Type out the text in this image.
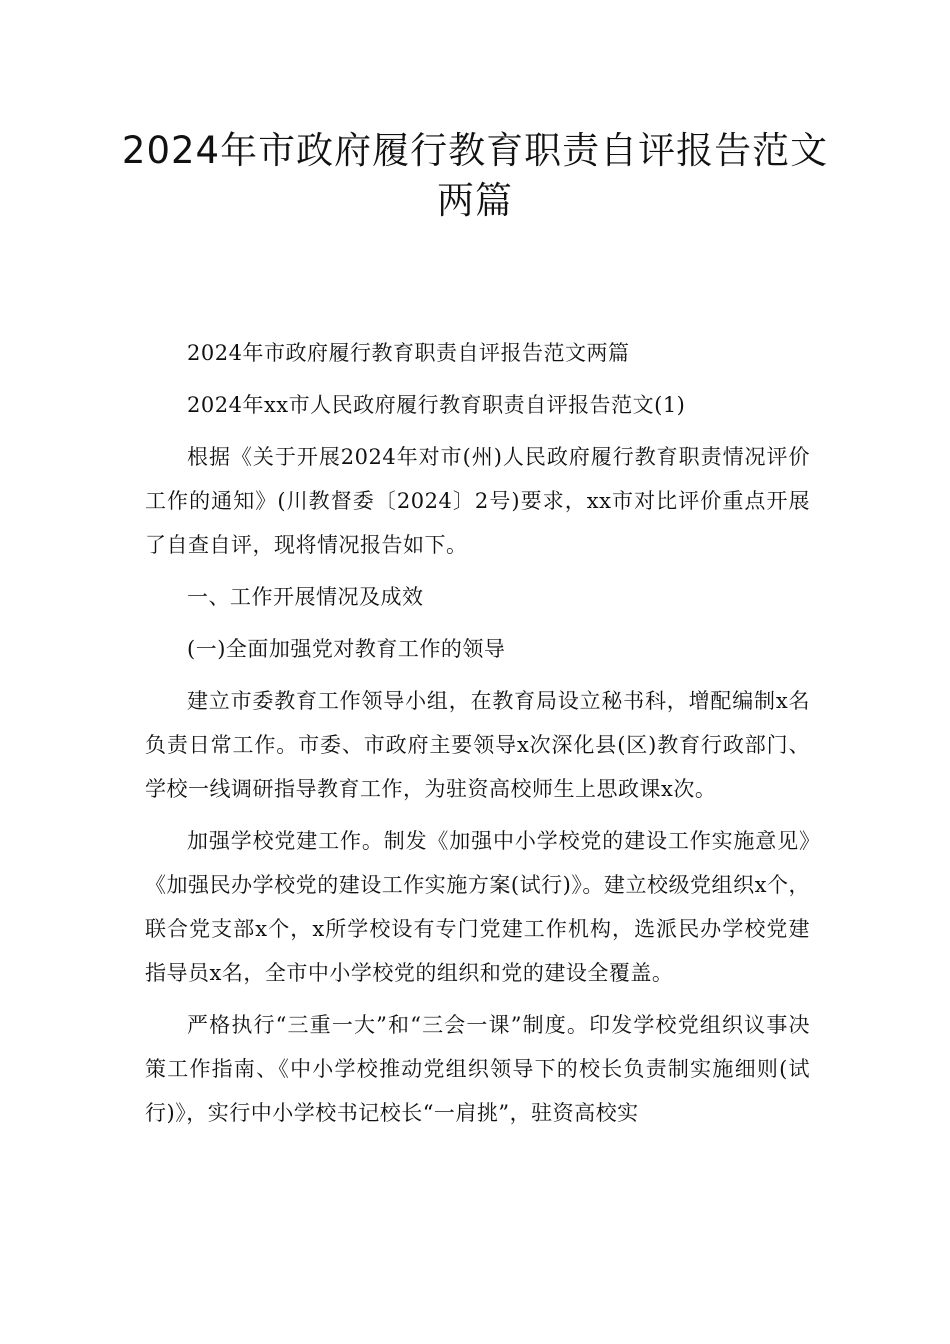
2024年市政府履行教育职责自评报告范文两篇

2024年市政府履行教育职责自评报告范文两篇

2024年xx市人民政府履行教育职责自评报告范文(1)

根据《关于开展2024年对市(州)人民政府履行教育职责情况评价工作的通知》(川教督委〔2024〕2号)要求，xx市对比评价重点开展了自查自评，现将情况报告如下。

一、工作开展情况及成效

(一)全面加强党对教育工作的领导

建立市委教育工作领导小组，在教育局设立秘书科，增配编制x名负责日常工作。市委、市政府主要领导x次深化县(区)教育行政部门、学校一线调研指导教育工作，为驻资高校师生上思政课x次。

加强学校党建工作。制发《加强中小学校党的建设工作实施意见》《加强民办学校党的建设工作实施方案(试行)》。建立校级党组织x个，联合党支部x个，x所学校设有专门党建工作机构，选派民办学校党建指导员x名，全市中小学校党的组织和党的建设全覆盖。

严格执行“三重一大”和“三会一课”制度。印发学校党组织议事决策工作指南、《中小学校推动党组织领导下的校长负责制实施细则(试行)》，实行中小学校书记校长“一肩挑”，驻资高校实
